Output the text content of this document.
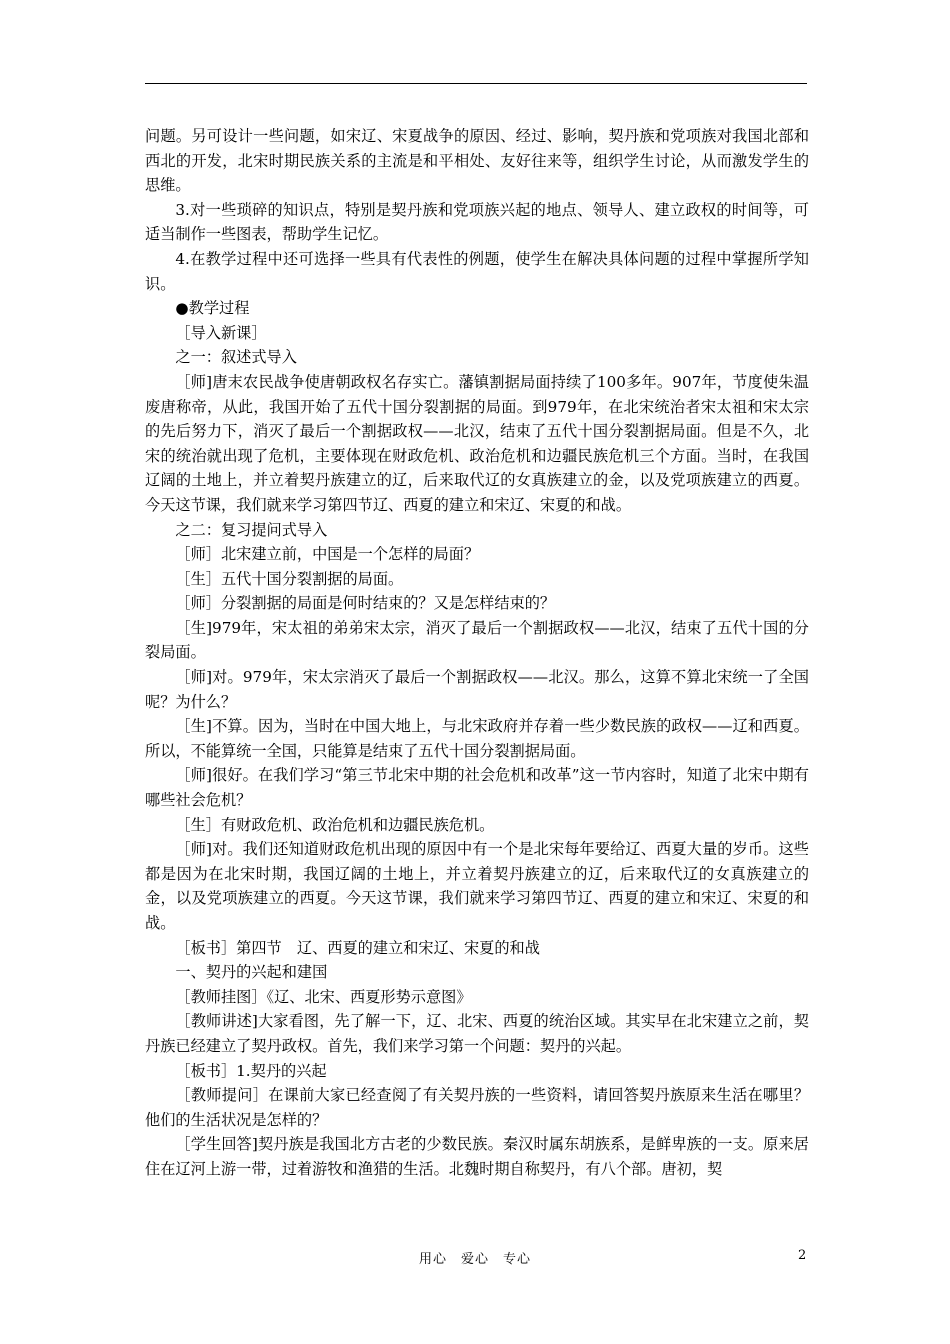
问题。另可设计一些问题，如宋辽、宋夏战争的原因、经过、影响，契丹族和党项族对我国北部和西北的开发，北宋时期民族关系的主流是和平相处、友好往来等，组织学生讨论，从而激发学生的思维。

3.对一些琐碎的知识点，特别是契丹族和党项族兴起的地点、领导人、建立政权的时间等，可适当制作一些图表，帮助学生记忆。

4.在教学过程中还可选择一些具有代表性的例题，使学生在解决具体问题的过程中掌握所学知识。

●教学过程

［导入新课］

之一：叙述式导入

［师]唐末农民战争使唐朝政权名存实亡。藩镇割据局面持续了100多年。907年，节度使朱温废唐称帝，从此，我国开始了五代十国分裂割据的局面。到979年，在北宋统治者宋太祖和宋太宗的先后努力下，消灭了最后一个割据政权——北汉，结束了五代十国分裂割据局面。但是不久，北宋的统治就出现了危机，主要体现在财政危机、政治危机和边疆民族危机三个方面。当时，在我国辽阔的土地上，并立着契丹族建立的辽，后来取代辽的女真族建立的金，以及党项族建立的西夏。今天这节课，我们就来学习第四节辽、西夏的建立和宋辽、宋夏的和战。

之二：复习提问式导入

［师］北宋建立前，中国是一个怎样的局面？

［生］五代十国分裂割据的局面。

［师］分裂割据的局面是何时结束的？又是怎样结束的？

［生]979年，宋太祖的弟弟宋太宗，消灭了最后一个割据政权——北汉，结束了五代十国的分裂局面。

［师]对。979年，宋太宗消灭了最后一个割据政权——北汉。那么，这算不算北宋统一了全国呢？为什么？

［生]不算。因为，当时在中国大地上，与北宋政府并存着一些少数民族的政权——辽和西夏。所以，不能算统一全国，只能算是结束了五代十国分裂割据局面。

［师]很好。在我们学习“第三节北宋中期的社会危机和改革”这一节内容时，知道了北宋中期有哪些社会危机？

［生］有财政危机、政治危机和边疆民族危机。

［师]对。我们还知道财政危机出现的原因中有一个是北宋每年要给辽、西夏大量的岁币。这些都是因为在北宋时期，我国辽阔的土地上，并立着契丹族建立的辽，后来取代辽的女真族建立的金，以及党项族建立的西夏。今天这节课，我们就来学习第四节辽、西夏的建立和宋辽、宋夏的和战。

［板书］第四节　辽、西夏的建立和宋辽、宋夏的和战

一、契丹的兴起和建国

［教师挂图］《辽、北宋、西夏形势示意图》

［教师讲述]大家看图，先了解一下，辽、北宋、西夏的统治区域。其实早在北宋建立之前，契丹族已经建立了契丹政权。首先，我们来学习第一个问题：契丹的兴起。

［板书］1.契丹的兴起

［教师提问］在课前大家已经查阅了有关契丹族的一些资料，请回答契丹族原来生活在哪里？他们的生活状况是怎样的？

［学生回答]契丹族是我国北方古老的少数民族。秦汉时属东胡族系，是鲜卑族的一支。原来居住在辽河上游一带，过着游牧和渔猎的生活。北魏时期自称契丹，有八个部。唐初，契

用心　爱心　专心	2
